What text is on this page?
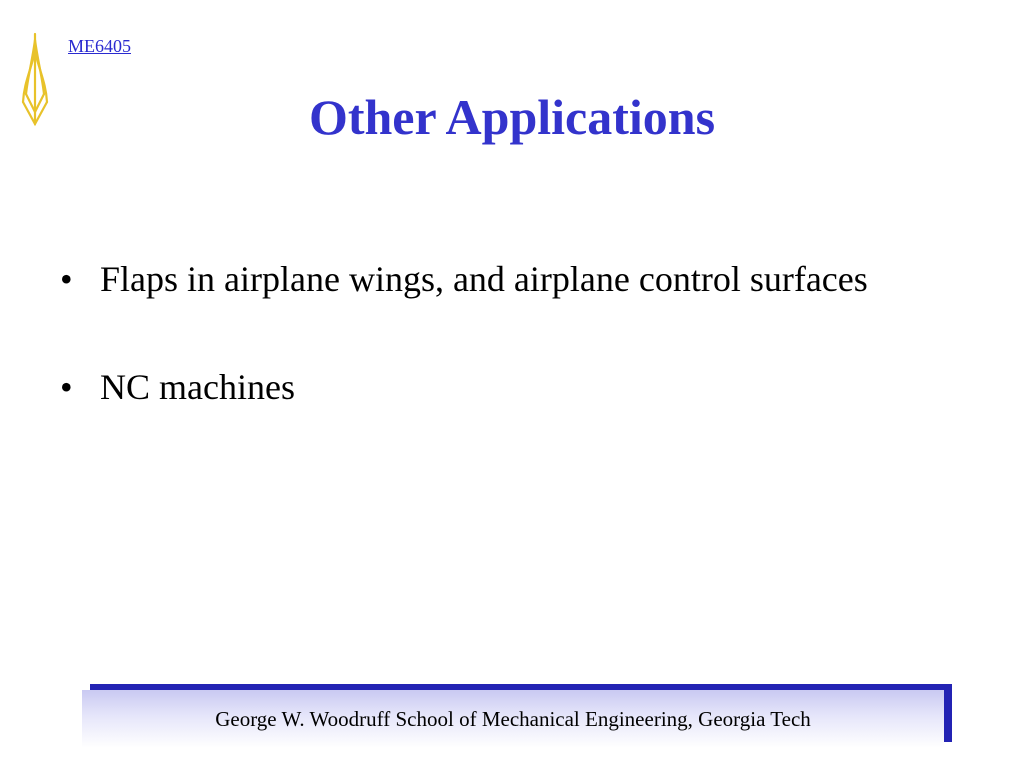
ME6405
Other Applications
• Flaps in airplane wings, and airplane control surfaces
• NC machines
George W. Woodruff School of Mechanical Engineering, Georgia Tech
